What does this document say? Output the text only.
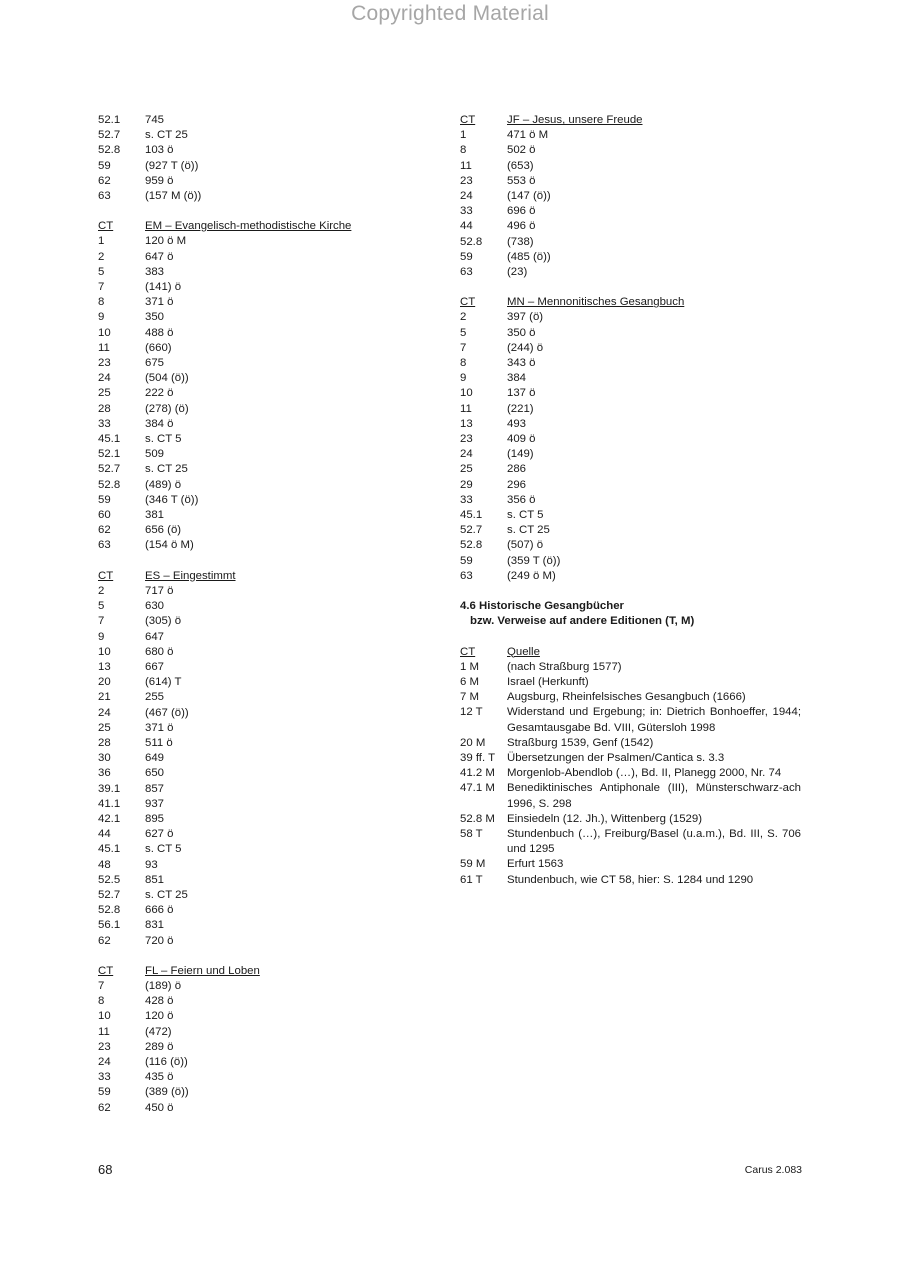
Copyrighted Material
52.1	745
52.7	s. CT 25
52.8	103 ö
59	(927 T (ö))
62	959 ö
63	(157 M (ö))
CT	EM – Evangelisch-methodistische Kirche
1	120 ö M
2	647 ö
5	383
7	(141) ö
8	371 ö
9	350
10	488 ö
11	(660)
23	675
24	(504 (ö))
25	222 ö
28	(278) (ö)
33	384 ö
45.1	s. CT 5
52.1	509
52.7	s. CT 25
52.8	(489) ö
59	(346 T (ö))
60	381
62	656 (ö)
63	(154 ö M)
CT	ES – Eingestimmt
2	717 ö
5	630
7	(305) ö
9	647
10	680 ö
13	667
20	(614) T
21	255
24	(467 (ö))
25	371 ö
28	511 ö
30	649
36	650
39.1	857
41.1	937
42.1	895
44	627 ö
45.1	s. CT 5
48	93
52.5	851
52.7	s. CT 25
52.8	666 ö
56.1	831
62	720 ö
CT	FL – Feiern und Loben
7	(189) ö
8	428 ö
10	120 ö
11	(472)
23	289 ö
24	(116 (ö))
33	435 ö
59	(389 (ö))
62	450 ö
CT	JF – Jesus, unsere Freude
1	471 ö M
8	502 ö
11	(653)
23	553 ö
24	(147 (ö))
33	696 ö
44	496 ö
52.8	(738)
59	(485 (ö))
63	(23)
CT	MN – Mennonitisches Gesangbuch
2	397 (ö)
5	350 ö
7	(244) ö
8	343 ö
9	384
10	137 ö
11	(221)
13	493
23	409 ö
24	(149)
25	286
29	296
33	356 ö
45.1	s. CT 5
52.7	s. CT 25
52.8	(507) ö
59	(359 T (ö))
63	(249 ö M)
4.6 Historische Gesangbücher
bzw. Verweise auf andere Editionen (T, M)
CT	Quelle
1 M	(nach Straßburg 1577)
6 M	Israel (Herkunft)
7 M	Augsburg, Rheinfelsisches Gesangbuch (1666)
12 T	Widerstand und Ergebung; in: Dietrich Bonhoeffer, 1944; Gesamtausgabe Bd. VIII, Gütersloh 1998
20 M	Straßburg 1539, Genf (1542)
39 ff. T	Übersetzungen der Psalmen/Cantica s. 3.3
41.2 M	Morgenlob-Abendlob (…), Bd. II, Planegg 2000, Nr. 74
47.1 M	Benediktinisches Antiphonale (III), Münsterschwarz-ach 1996, S. 298
52.8 M	Einsiedeln (12. Jh.), Wittenberg (1529)
58 T	Stundenbuch (…), Freiburg/Basel (u.a.m.), Bd. III, S. 706 und 1295
59 M	Erfurt 1563
61 T	Stundenbuch, wie CT 58, hier: S. 1284 und 1290
68	Carus 2.083
